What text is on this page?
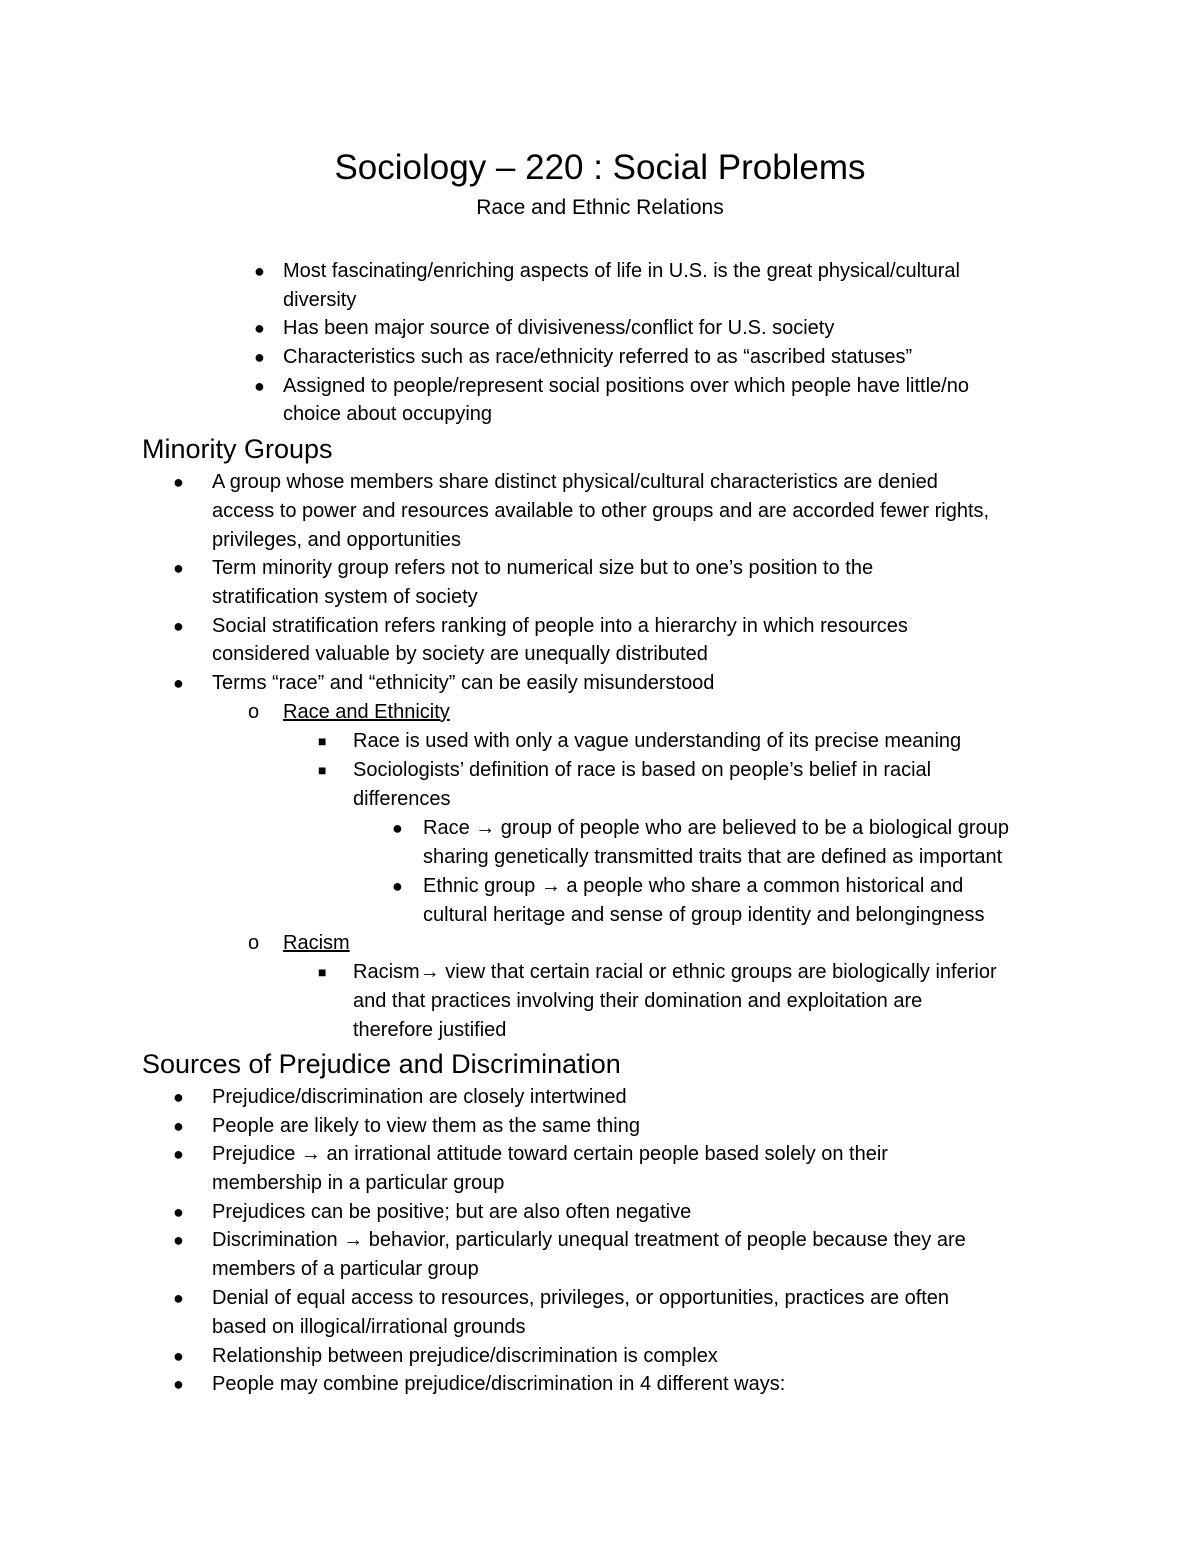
Sociology – 220 : Social Problems
Race and Ethnic Relations
● Most fascinating/enriching aspects of life in U.S. is the great physical/cultural
diversity
● Has been major source of divisiveness/conflict for U.S. society
● Characteristics such as race/ethnicity referred to as “ascribed statuses”
● Assigned to people/represent social positions over which people have little/no
choice about occupying
Minority Groups
● A group whose members share distinct physical/cultural characteristics are denied
access to power and resources available to other groups and are accorded fewer rights,
privileges, and opportunities
● Term minority group refers not to numerical size but to one’s position to the
stratification system of society
● Social stratification refers ranking of people into a hierarchy in which resources
considered valuable by society are unequally distributed
● Terms “race” and “ethnicity” can be easily misunderstood
o Race and Ethnicity
■ Race is used with only a vague understanding of its precise meaning
■ Sociologists’ definition of race is based on people’s belief in racial
differences
● Race → group of people who are believed to be a biological group
sharing genetically transmitted traits that are defined as important
● Ethnic group → a people who share a common historical and
cultural heritage and sense of group identity and belongingness
o Racism
■ Racism→ view that certain racial or ethnic groups are biologically inferior
and that practices involving their domination and exploitation are
therefore justified
Sources of Prejudice and Discrimination
● Prejudice/discrimination are closely intertwined
● People are likely to view them as the same thing
● Prejudice → an irrational attitude toward certain people based solely on their
membership in a particular group
● Prejudices can be positive; but are also often negative
● Discrimination → behavior, particularly unequal treatment of people because they are
members of a particular group
● Denial of equal access to resources, privileges, or opportunities, practices are often
based on illogical/irrational grounds
● Relationship between prejudice/discrimination is complex
● People may combine prejudice/discrimination in 4 different ways:
